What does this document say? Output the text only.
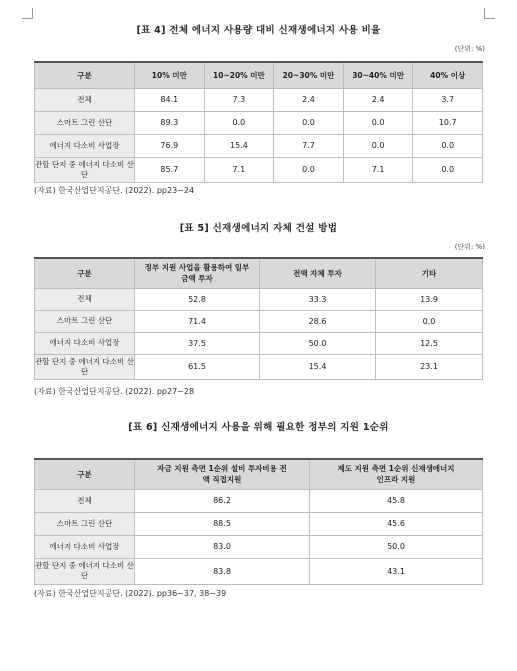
[표 4] 전체 에너지 사용량 대비 신재생에너지 사용 비율
(단위: %)
구분	10% 미만	10~20% 미만	20~30% 미만	30~40% 미만	40% 이상
전체	84.1	7.3	2.4	2.4	3.7
스마트 그린 산단	89.3	0.0	0.0	0.0	10.7
에너지 다소비 사업장	76.9	15.4	7.7	0.0	0.0
관할 단지 중 에너지 다소비 산단	85.7	7.1	0.0	7.1	0.0
(자료) 한국산업단지공단. (2022). pp23~24
[표 5] 신재생에너지 자체 건설 방법
(단위: %)
구분	정부 지원 사업을 활용하여 일부 금액 투자	전액 자체 투자	기타
전체	52.8	33.3	13.9
스마트 그린 산단	71.4	28.6	0.0
에너지 다소비 사업장	37.5	50.0	12.5
관할 단지 중 에너지 다소비 산단	61.5	15.4	23.1
(자료) 한국산업단지공단. (2022). pp27~28
[표 6] 신재생에너지 사용을 위해 필요한 정부의 지원 1순위
구분	자금 지원 측면 1순위 설비 투자비용 전액 직접지원	제도 지원 측면 1순위 신재생에너지 인프라 지원
전체	86.2	45.8
스마트 그린 산단	88.5	45.6
에너지 다소비 사업장	83.0	50.0
관할 단지 중 에너지 다소비 산단	83.8	43.1
(자료) 한국산업단지공단. (2022). pp36~37, 38~39
